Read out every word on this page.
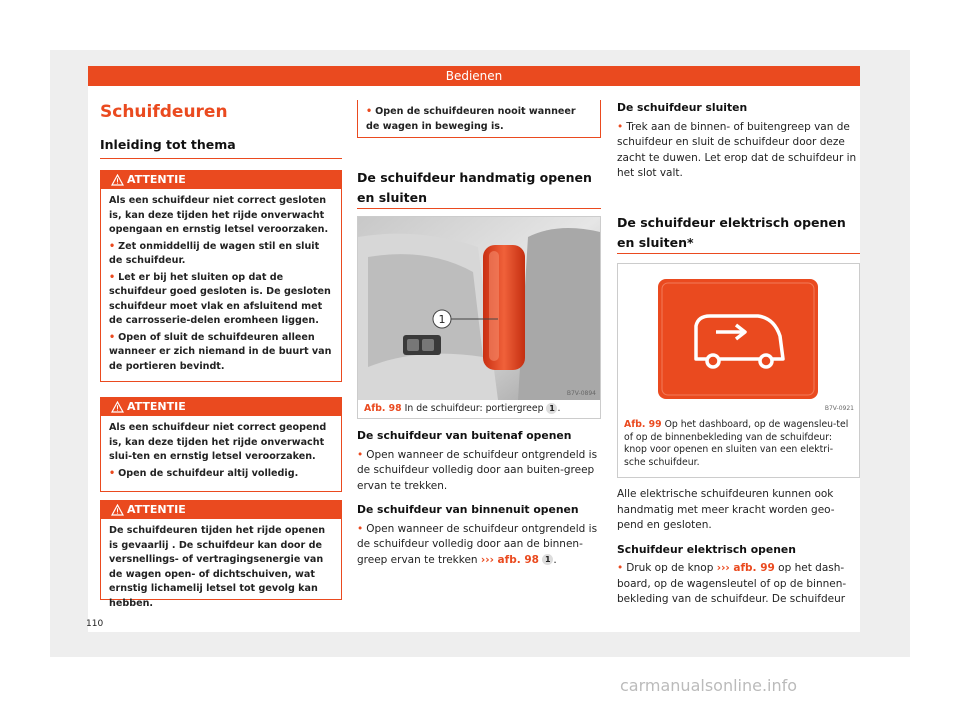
Bedienen
Schuifdeuren
Inleiding tot thema
ATTENTIE

Als een schuifdeur niet correct gesloten is, kan deze tijden het rijde onverwacht opengaan en ernstig letsel veroorzaken.

• Zet onmiddellij de wagen stil en sluit de schuifdeur.

• Let er bij het sluiten op dat de schuifdeur goed gesloten is. De gesloten schuifdeur moet vlak en afsluitend met de carrosserie-delen eromheen liggen.

• Open of sluit de schuifdeuren alleen wanneer er zich niemand in de buurt van de portieren bevindt.

ATTENTIE

Als een schuifdeur niet correct geopend is, kan deze tijden het rijde onverwacht slui-ten en ernstig letsel veroorzaken.

• Open de schuifdeur altij volledig.

ATTENTIE

De schuifdeuren tijden het rijde openen is gevaarlij . De schuifdeur kan door de versnellings- of vertragingsenergie van de wagen open- of dichtschuiven, wat ernstig lichamelij letsel tot gevolg kan hebben.

• Open de schuifdeuren nooit wanneer de wagen in beweging is.

De schuifdeur handmatig openen en sluiten
1
B7V-0894
Afb. 98 In de schuifdeur: portiergreep 1 .

De schuifdeur van buitenaf openen

• Open wanneer de schuifdeur ontgrendeld is de schuifdeur volledig door aan buiten-greep ervan te trekken.

De schuifdeur van binnenuit openen

• Open wanneer de schuifdeur ontgrendeld is de schuifdeur volledig door aan de binnen-greep ervan te trekken ››› afb. 98 1 .

De schuifdeur sluiten

• Trek aan de binnen- of buitengreep van de schuifdeur en sluit de schuifdeur door deze zacht te duwen. Let erop dat de schuifdeur in het slot valt.

De schuifdeur elektrisch openen en sluiten*
B7V-0921
Afb. 99 Op het dashboard, op de wagensleu-tel of op de binnenbekleding van de schuifdeur: knop voor openen en sluiten van een elektri-sche schuifdeur.

Alle elektrische schuifdeuren kunnen ook handmatig met meer kracht worden geo-pend en gesloten.

Schuifdeur elektrisch openen

• Druk op de knop ››› afb. 99 op het dash-board, op de wagensleutel of op de binnen-bekleding van de schuifdeur. De schuifdeur

110
carmanualsonline.info
